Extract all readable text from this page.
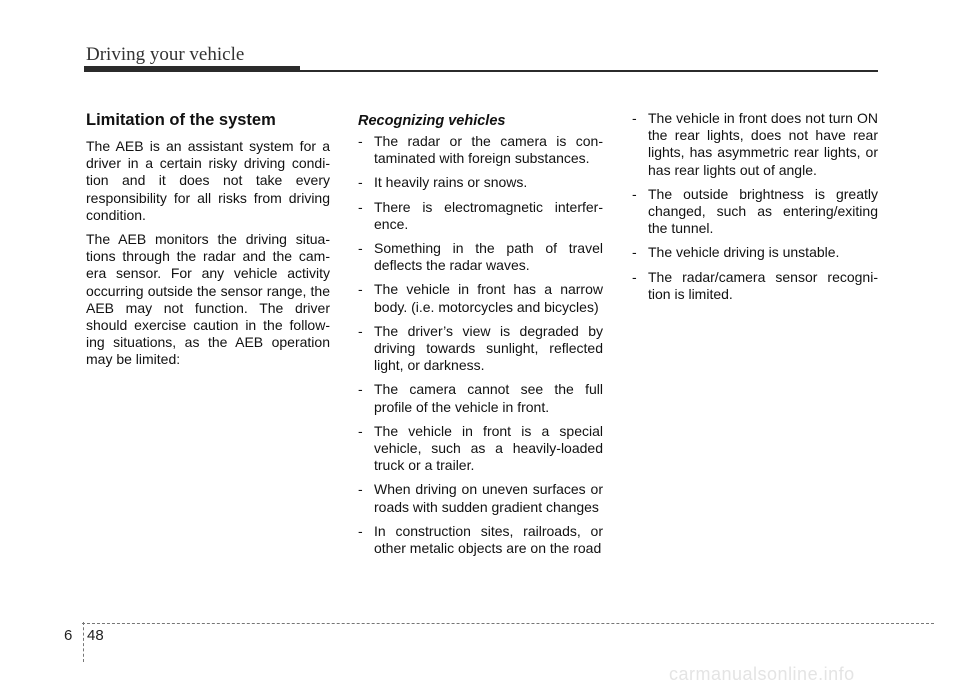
Driving your vehicle
Limitation of the system

The AEB is an assistant system for a driver in a certain risky driving condi- tion and it does not take every responsibility for all risks from driving condition.

The AEB monitors the driving situa- tions through the radar and the cam- era sensor. For any vehicle activity occurring outside the sensor range, the AEB may not function. The driver should exercise caution in the follow- ing situations, as the AEB operation may be limited:

Recognizing vehicles
- The radar or the camera is con- taminated with foreign substances.
- It heavily rains or snows.
- There is electromagnetic interfer- ence.
- Something in the path of travel deflects the radar waves.
- The vehicle in front has a narrow body. (i.e. motorcycles and bicycles)
- The driver’s view is degraded by driving towards sunlight, reflected light, or darkness.
- The camera cannot see the full profile of the vehicle in front.
- The vehicle in front is a special vehicle, such as a heavily-loaded truck or a trailer.
- When driving on uneven surfaces or roads with sudden gradient changes
- In construction sites, railroads, or other metalic objects are on the road
- The vehicle in front does not turn ON the rear lights, does not have rear lights, has asymmetric rear lights, or has rear lights out of angle.
- The outside brightness is greatly changed, such as entering/exiting the tunnel.
- The vehicle driving is unstable.
- The radar/camera sensor recogni- tion is limited.
6 48
carmanualsonline.info
